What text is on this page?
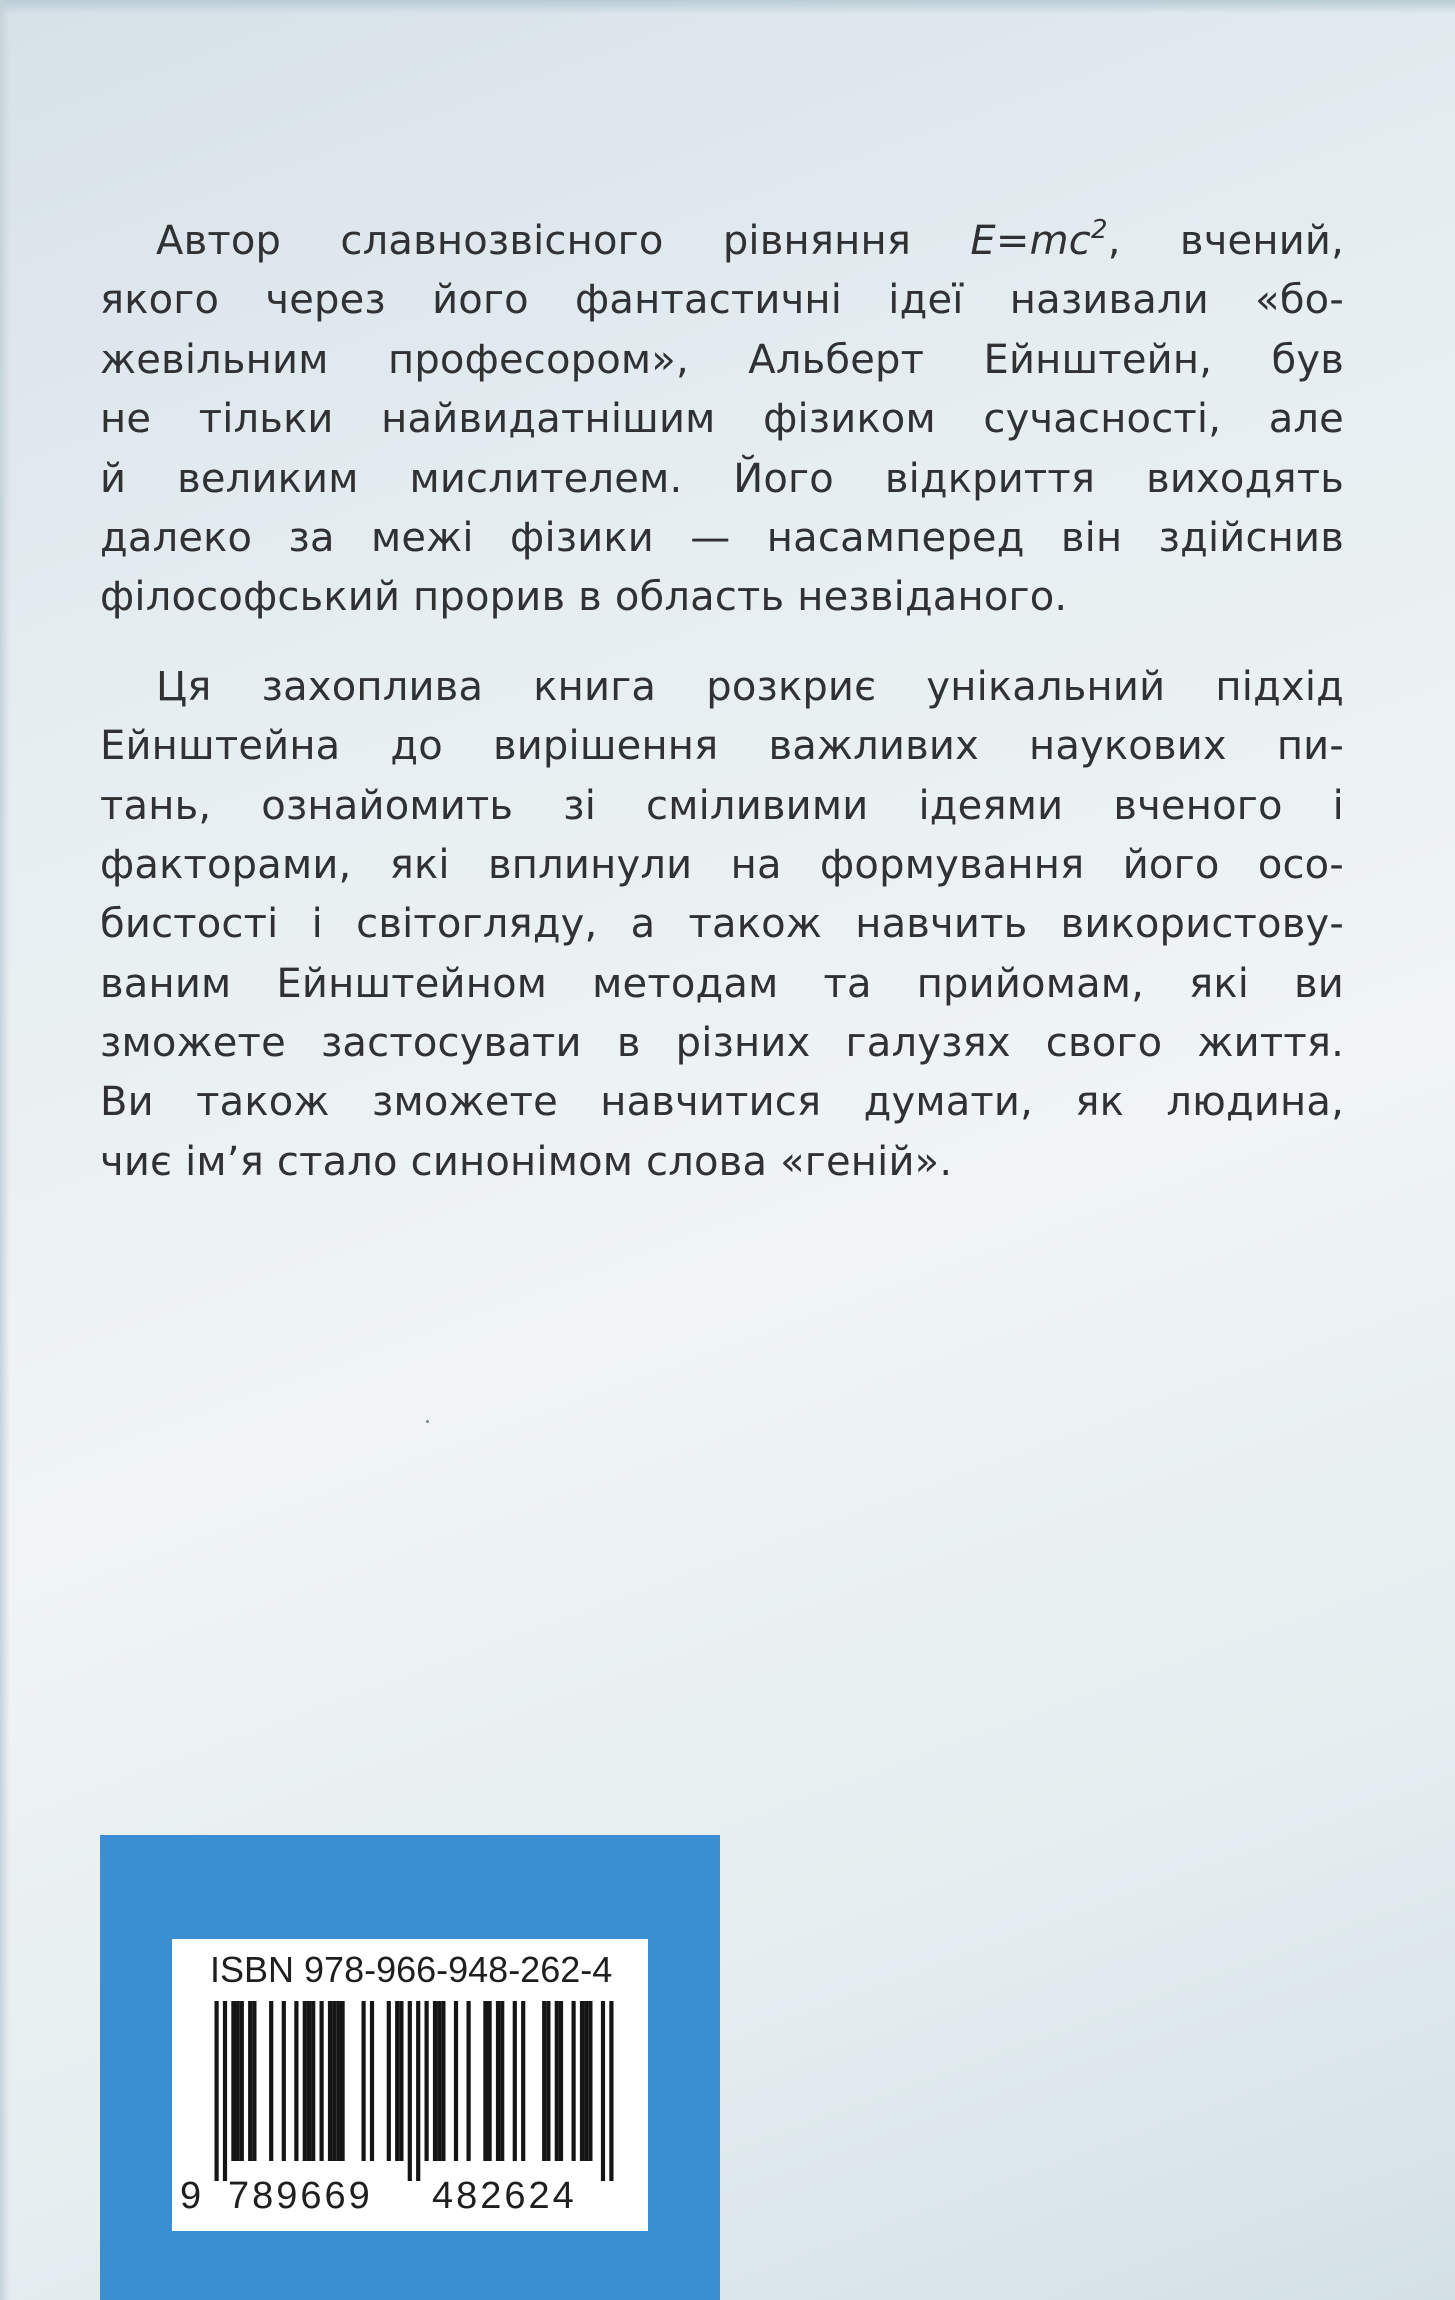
Автор славнозвісного рівняння $E=mc^2$, вчений,
якого через його фантастичні ідеї називали «бо-
жевільним професором», Альберт Ейнштейн, був
не тільки найвидатнішим фізиком сучасності, але
й великим мислителем. Його відкриття виходять
далеко за межі фізики — насамперед він здійснив
філософський прорив в область незвіданого.
Ця захоплива книга розкриє унікальний підхід
Ейнштейна до вирішення важливих наукових пи-
тань, ознайомить зі сміливими ідеями вченого і
факторами, які вплинули на формування його осо-
бистості і світогляду, а також навчить використову-
ваним Ейнштейном методам та прийомам, які ви
зможете застосувати в різних галузях свого життя.
Ви також зможете навчитися думати, як людина,
чиє ім’я стало синонімом слова «геній».
ISBN 978-966-948-262-4
9 789669 482624
